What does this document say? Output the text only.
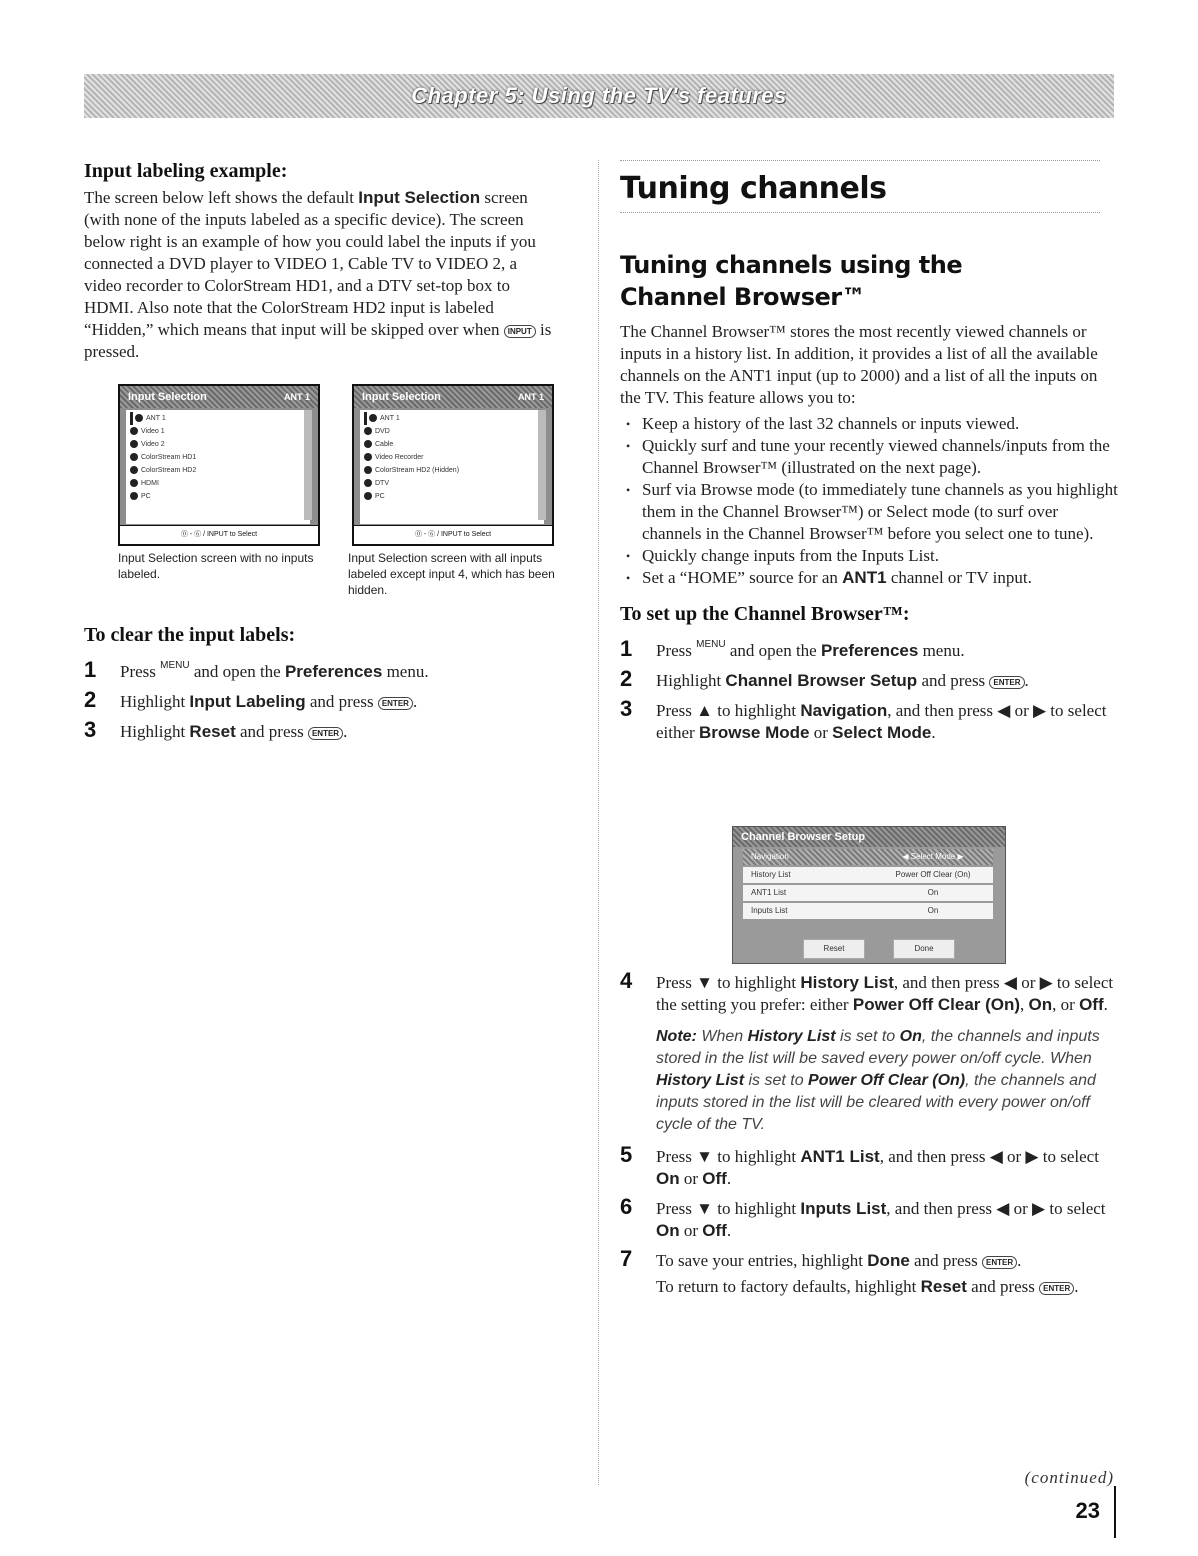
Chapter 5: Using the TV's features
Input labeling example:

The screen below left shows the default Input Selection screen (with none of the inputs labeled as a specific device). The screen below right is an example of how you could label the inputs if you connected a DVD player to VIDEO 1, Cable TV to VIDEO 2, a video recorder to ColorStream HD1, and a DTV set-top box to HDMI. Also note that the ColorStream HD2 input is labeled “Hidden,” which means that input will be skipped over when INPUT is pressed.

Input Selection	ANT 1
ANT 1
Video 1
Video 2
ColorStream HD1
ColorStream HD2
HDMI
PC
⓪ - ⑥ / INPUT to Select
Input Selection	ANT 1
ANT 1
DVD
Cable
Video Recorder
ColorStream HD2 (Hidden)
DTV
PC
⓪ - ⑥ / INPUT to Select
Input Selection screen with no inputs labeled.
Input Selection screen with all inputs labeled except input 4, which has been hidden.
To clear the input labels:
1 Press MENU and open the Preferences menu.
2 Highlight Input Labeling and press ENTER .
3 Highlight Reset and press ENTER .
Tuning channels
Tuning channels using the
Channel Browser™

The Channel Browser™ stores the most recently viewed channels or inputs in a history list. In addition, it provides a list of all the available channels on the ANT1 input (up to 2000) and a list of all the inputs on the TV. This feature allows you to:

• Keep a history of the last 32 channels or inputs viewed.
• Quickly surf and tune your recently viewed channels/inputs from the Channel Browser™ (illustrated on the next page).
• Surf via Browse mode (to immediately tune channels as you highlight them in the Channel Browser™) or Select mode (to surf over channels in the Channel Browser™ before you select one to tune).
• Quickly change inputs from the Inputs List.
• Set a “HOME” source for an ANT1 channel or TV input.
To set up the Channel Browser™:
1 Press MENU and open the Preferences menu.
2 Highlight Channel Browser Setup and press ENTER .
3 Press ▲ to highlight Navigation, and then press ◀ or ▶ to select either Browse Mode or Select Mode.
Channel Browser Setup
Navigation	◀ Select Mode ▶
History List	Power Off Clear (On)
ANT1 List	On
Inputs List	On
Reset	Done
4 Press ▼ to highlight History List, and then press ◀ or ▶ to select the setting you prefer: either Power Off Clear (On), On, or Off.
Note: When History List is set to On, the channels and inputs stored in the list will be saved every power on/off cycle. When History List is set to Power Off Clear (On), the channels and inputs stored in the list will be cleared with every power on/off cycle of the TV.
5 Press ▼ to highlight ANT1 List, and then press ◀ or ▶ to select On or Off.
6 Press ▼ to highlight Inputs List, and then press ◀ or ▶ to select On or Off.
7 To save your entries, highlight Done and press ENTER .
To return to factory defaults, highlight Reset and press ENTER .
(continued)
23
